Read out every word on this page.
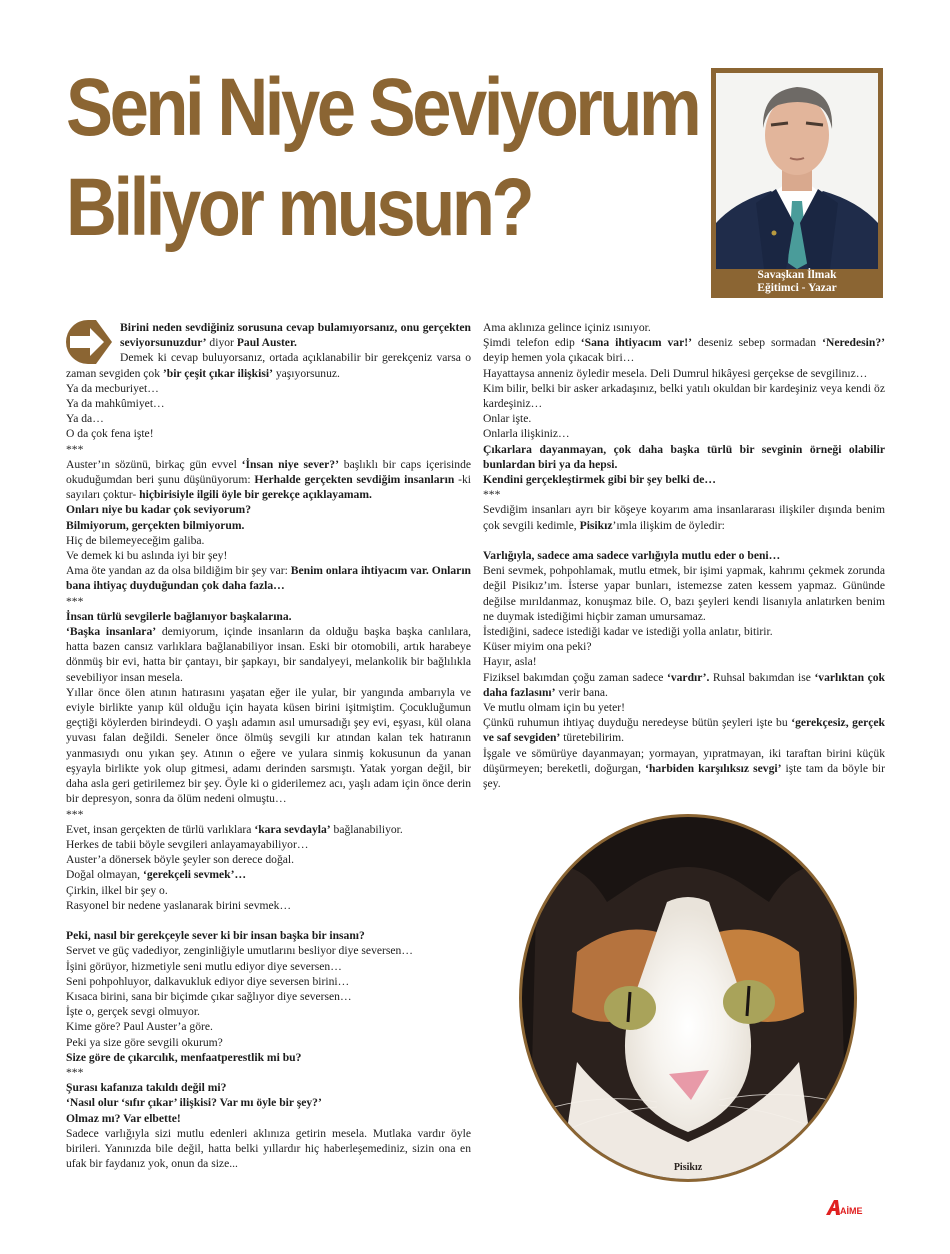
Seni Niye Seviyorum
Biliyor musun?
Savaşkan İlmak
Eğitimci - Yazar

Birini neden sevdiğiniz sorusuna cevap bulamıyorsanız, onu gerçekten seviyorsunuzdur’ diyor Paul Auster.

Demek ki cevap buluyorsanız, ortada açıklanabilir bir gerekçeniz varsa o zaman sevgiden çok ’bir çeşit çıkar ilişkisi’ yaşıyorsunuz.

Ya da mecburiyet…

Ya da mahkûmiyet…

Ya da…

O da çok fena işte!

***

Auster’ın sözünü, birkaç gün evvel ‘İnsan niye sever?’ başlıklı bir caps içerisinde okuduğumdan beri şunu düşünüyorum: Herhalde gerçekten sevdiğim insanların -ki sayıları çoktur- hiçbirisiyle ilgili öyle bir gerekçe açıklayamam.

Onları niye bu kadar çok seviyorum?

Bilmiyorum, gerçekten bilmiyorum.

Hiç de bilemeyeceğim galiba.

Ve demek ki bu aslında iyi bir şey!

Ama öte yandan az da olsa bildiğim bir şey var: Benim onlara ihtiyacım var. Onların bana ihtiyaç duyduğundan çok daha fazla…

***

İnsan türlü sevgilerle bağlanıyor başkalarına.

‘Başka insanlara’ demiyorum, içinde insanların da olduğu başka başka canlılara, hatta bazen cansız varlıklara bağlanabiliyor insan. Eski bir otomobili, artık harabeye dönmüş bir evi, hatta bir çantayı, bir şapkayı, bir sandalyeyi, melankolik bir bağlılıkla sevebiliyor insan mesela.

Yıllar önce ölen atının hatırasını yaşatan eğer ile yular, bir yangında ambarıyla ve eviyle birlikte yanıp kül olduğu için hayata küsen birini işitmiştim. Çocukluğumun geçtiği köylerden birindeydi. O yaşlı adamın asıl umursadığı şey evi, eşyası, kül olana yuvası falan değildi. Seneler önce ölmüş sevgili kır atından kalan tek hatıranın yanmasıydı onu yıkan şey. Atının o eğere ve yulara sinmiş kokusunun da yanan eşyayla birlikte yok olup gitmesi, adamı derinden sarsmıştı. Yatak yorgan değil, bir daha asla geri getirilemez bir şey. Öyle ki o giderilemez acı, yaşlı adam için önce derin bir depresyon, sonra da ölüm nedeni olmuştu…

***

Evet, insan gerçekten de türlü varlıklara ‘kara sevdayla’ bağlanabiliyor.

Herkes de tabii böyle sevgileri anlayamayabiliyor…

Auster’a dönersek böyle şeyler son derece doğal.

Doğal olmayan, ‘gerekçeli sevmek’…

Çirkin, ilkel bir şey o.

Rasyonel bir nedene yaslanarak birini sevmek…

Peki, nasıl bir gerekçeyle sever ki bir insan başka bir insanı?

Servet ve güç vadediyor, zenginliğiyle umutlarını besliyor diye seversen…

İşini görüyor, hizmetiyle seni mutlu ediyor diye seversen…

Seni pohpohluyor, dalkavukluk ediyor diye seversen birini…

Kısaca birini, sana bir biçimde çıkar sağlıyor diye seversen…

İşte o, gerçek sevgi olmuyor.

Kime göre? Paul Auster’a göre.

Peki ya size göre sevgili okurum?

Size göre de çıkarcılık, menfaatperestlik mi bu?

***

Şurası kafanıza takıldı değil mi?

‘Nasıl olur ‘sıfır çıkar’ ilişkisi? Var mı öyle bir şey?’

Olmaz mı? Var elbette!

Sadece varlığıyla sizi mutlu edenleri aklınıza getirin mesela. Mutlaka vardır öyle birileri. Yanınızda bile değil, hatta belki yıllardır hiç haberleşemediniz, sizin ona en ufak bir faydanız yok, onun da size...

Ama aklınıza gelince içiniz ısınıyor.

Şimdi telefon edip ‘Sana ihtiyacım var!’ deseniz sebep sormadan ‘Neredesin?’ deyip hemen yola çıkacak biri…

Hayattaysa anneniz öyledir mesela. Deli Dumrul hikâyesi gerçekse de sevgilinız…

Kim bilir, belki bir asker arkadaşınız, belki yatılı okuldan bir kardeşiniz veya kendi öz kardeşiniz…

Onlar işte.

Onlarla ilişkiniz…

Çıkarlara dayanmayan, çok daha başka türlü bir sevginin örneği olabilir bunlardan biri ya da hepsi.

Kendini gerçekleştirmek gibi bir şey belki de…

***

Sevdiğim insanları ayrı bir köşeye koyarım ama insanlararası ilişkiler dışında benim çok sevgili kedimle, Pisikız’ımla ilişkim de öyledir:

Varlığıyla, sadece ama sadece varlığıyla mutlu eder o beni…

Beni sevmek, pohpohlamak, mutlu etmek, bir işimi yapmak, kahrımı çekmek zorunda değil Pisikız’ım. İsterse yapar bunları, istemezse zaten kessem yapmaz. Gününde değilse mırıldanmaz, konuşmaz bile. O, bazı şeyleri kendi lisanıyla anlatırken benim ne duymak istediğimi hiçbir zaman umursamaz.

İstediğini, sadece istediği kadar ve istediği yolla anlatır, bitirir.

Küser miyim ona peki?

Hayır, asla!

Fiziksel bakımdan çoğu zaman sadece ‘vardır’. Ruhsal bakımdan ise ‘varlıktan çok daha fazlasını’ verir bana.

Ve mutlu olmam için bu yeter!

Çünkü ruhumun ihtiyaç duyduğu neredeyse bütün şeyleri işte bu ‘gerekçesiz, gerçek ve saf sevgiden’ türetebilirim.

İşgale ve sömürüye dayanmayan; yormayan, yıpratmayan, iki taraftan birini küçük düşürmeyen; bereketli, doğurgan, ‘harbiden karşılıksız sevgi’ işte tam da böyle bir şey.

Pisikız
AİME
